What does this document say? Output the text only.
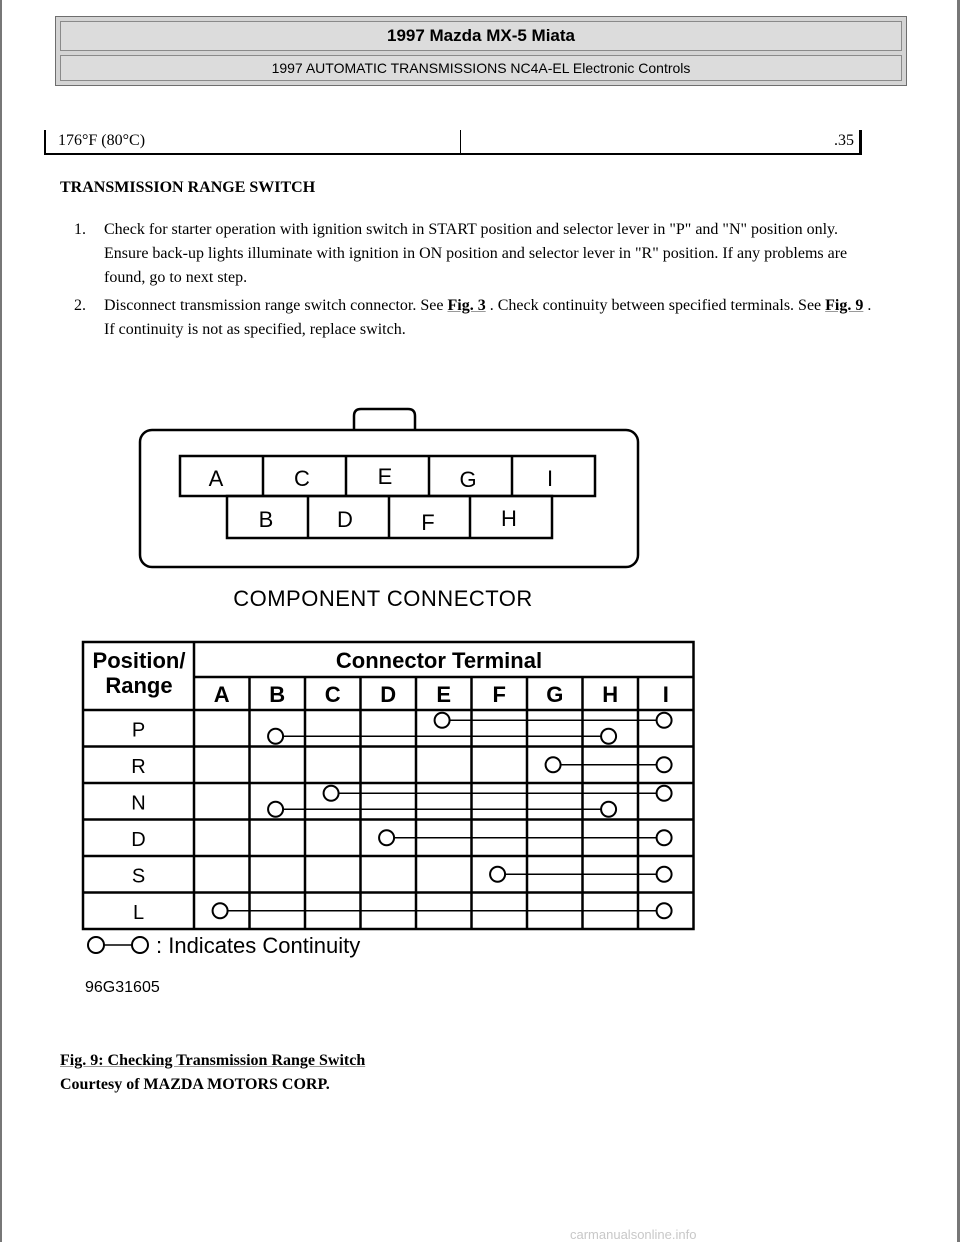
1997 Mazda MX-5 Miata
1997 AUTOMATIC TRANSMISSIONS NC4A-EL Electronic Controls
176°F (80°C)	.35
TRANSMISSION RANGE SWITCH
1. Check for starter operation with ignition switch in START position and selector lever in "P" and "N" position only. Ensure back-up lights illuminate with ignition in ON position and selector lever in "R" position. If any problems are found, go to next step.
2. Disconnect transmission range switch connector. See Fig. 3 . Check continuity between specified terminals. See Fig. 9 . If continuity is not as specified, replace switch.
A	C	E	G	I
B	D	F	H
COMPONENT CONNECTOR
Position/
Range
Connector Terminal
A B C D E F G H I
P
R
N
D
S
L
: Indicates Continuity
96G31605
Fig. 9: Checking Transmission Range Switch
Courtesy of MAZDA MOTORS CORP.
carmanualsonline.info
